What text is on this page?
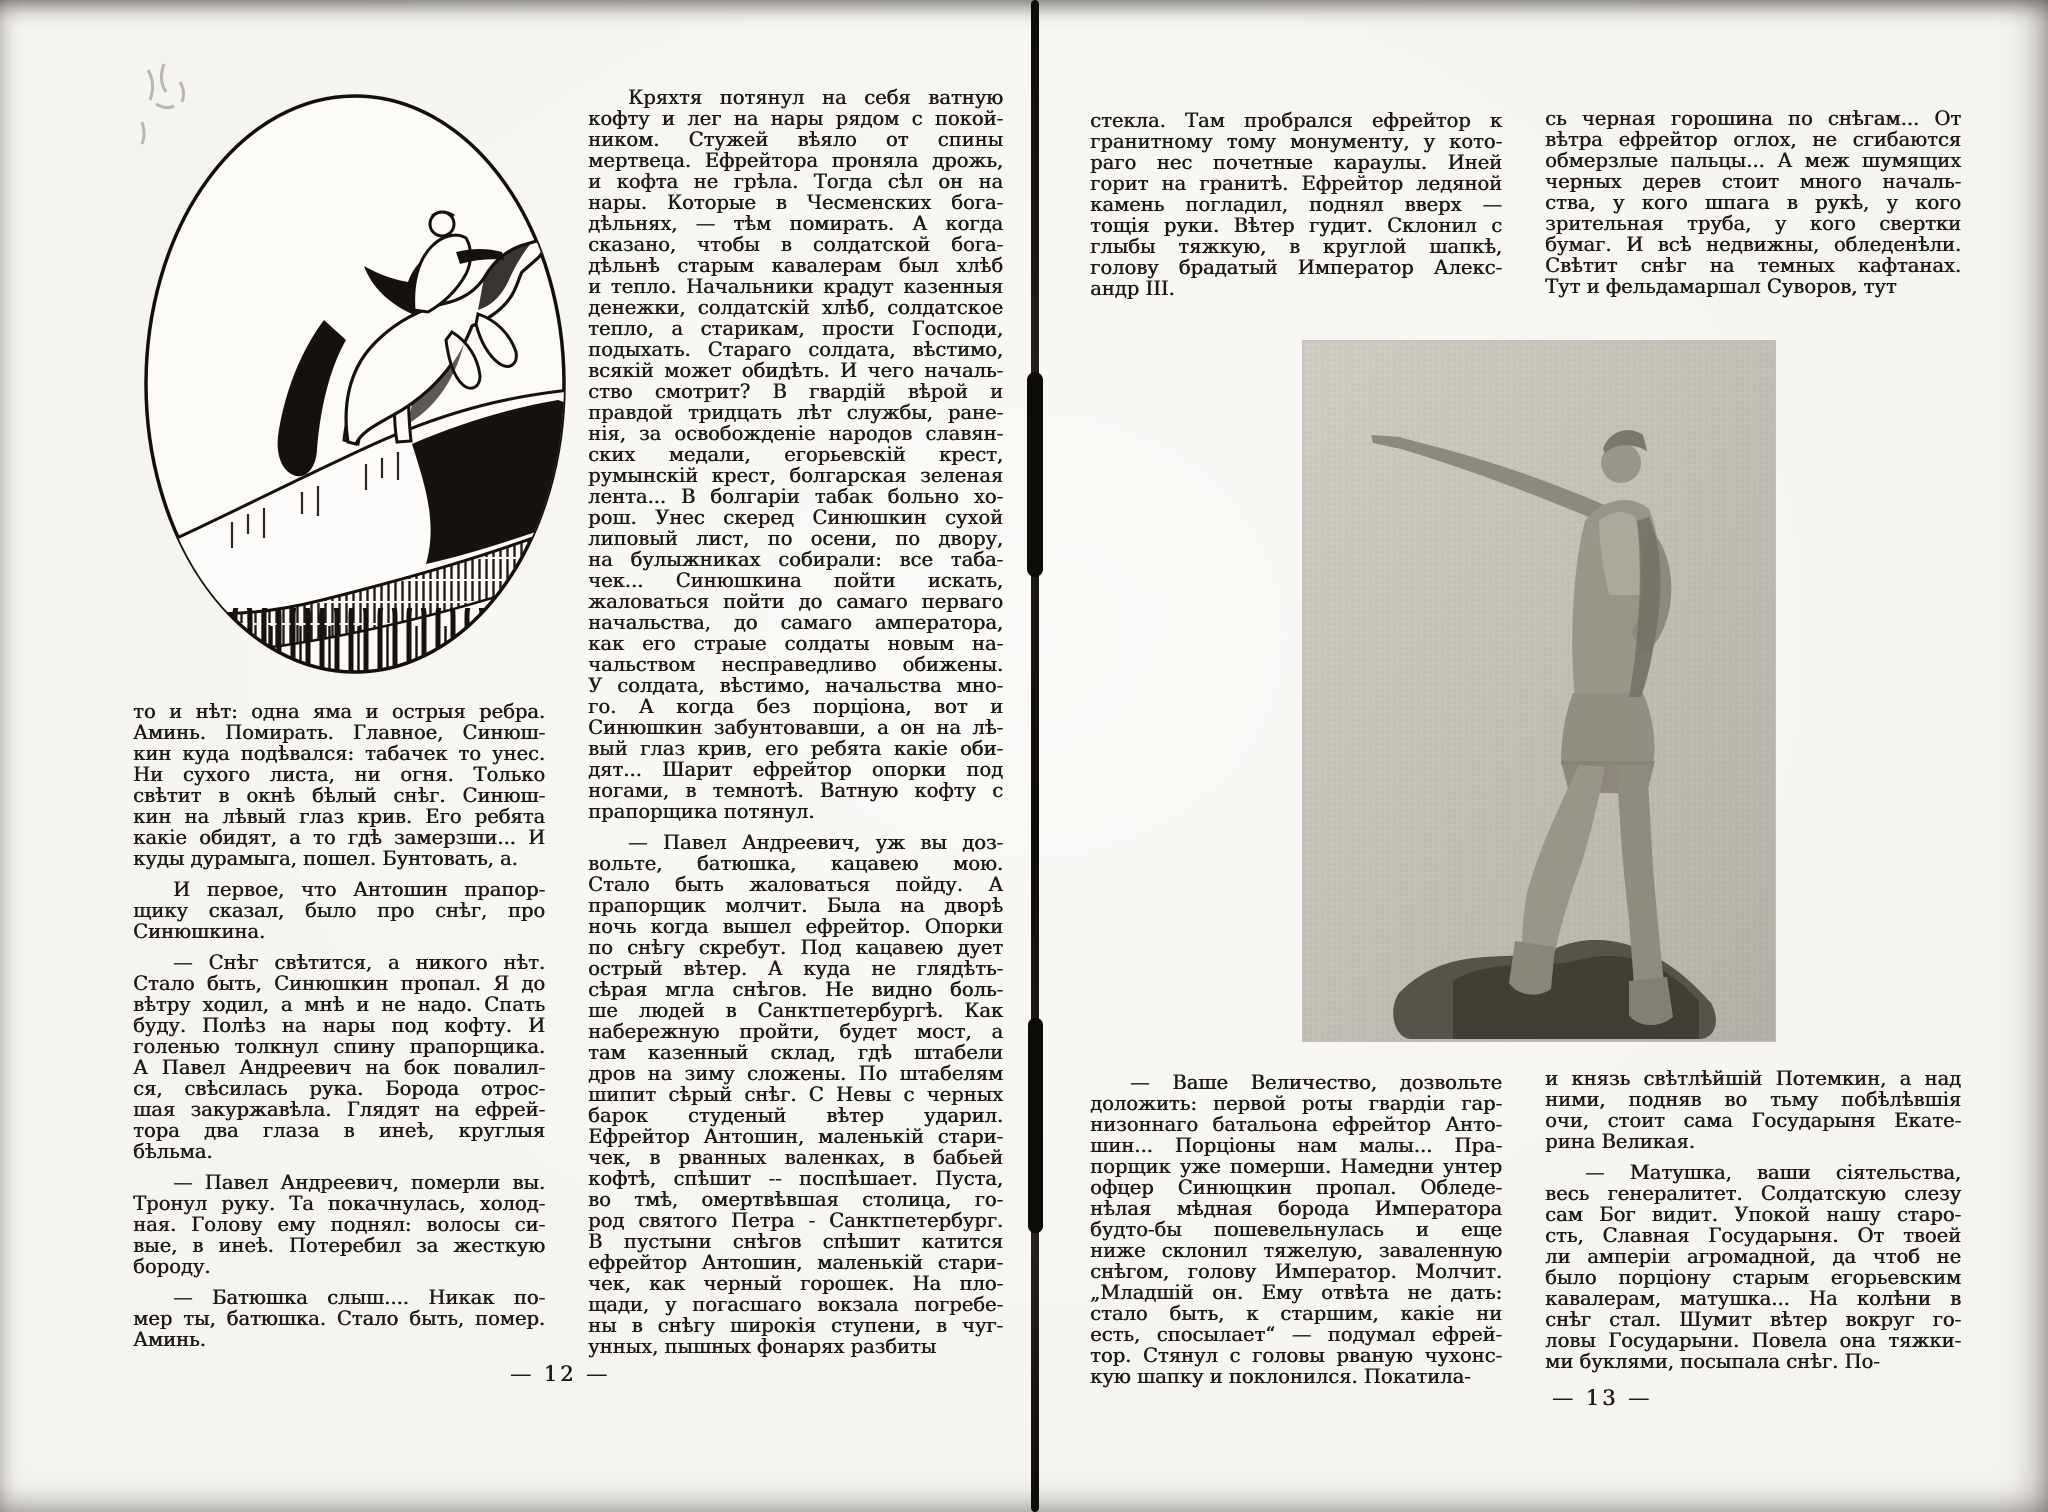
то и нѣт: одна яма и острыя ребра.
Аминь. Помирать. Главное, Синюш-
кин куда подѣвался: табачек то унес.
Ни сухого листа, ни огня. Только
свѣтит в окнѣ бѣлый снѣг. Синюш-
кин на лѣвый глаз крив. Его ребята
какіе обидят, а то гдѣ замерзши... И
куды дурамыга, пошел. Бунтовать, а.
И первое, что Антошин прапор-
щику сказал, было про снѣг, про
Синюшкина.
— Снѣг свѣтится, а никого нѣт.
Стало быть, Синюшкин пропал. Я до
вѣтру ходил, а мнѣ и не надо. Спать
буду. Полѣз на нары под кофту. И
голенью толкнул спину прапорщика.
А Павел Андреевич на бок повалил-
ся, свѣсилась рука. Борода отрос-
шая закуржавѣла. Глядят на ефрей-
тора два глаза в инеѣ, круглыя
бѣльма.
— Павел Андреевич, померли вы.
Тронул руку. Та покачнулась, холод-
ная. Голову ему поднял: волосы си-
вые, в инеѣ. Потеребил за жесткую
бороду.
— Батюшка слыш.... Никак по-
мер ты, батюшка. Стало быть, помер.
Аминь.
Кряхтя потянул на себя ватную
кофту и лег на нары рядом с покой-
ником. Стужей вѣяло от спины
мертвеца. Ефрейтора проняла дрожь,
и кофта не грѣла. Тогда сѣл он на
нары. Которые в Чесменских бога-
дѣльнях, — тѣм помирать. А когда
сказано, чтобы в солдатской бога-
дѣльнѣ старым кавалерам был хлѣб
и тепло. Начальники крадут казенныя
денежки, солдатскій хлѣб, солдатское
тепло, а старикам, прости Господи,
подыхать. Стараго солдата, вѣстимо,
всякій может обидѣть. И чего началь-
ство смотрит? В гвардій вѣрой и
правдой тридцать лѣт службы, ране-
нія, за освобожденіе народов славян-
ских медали, егорьевскій крест,
румынскій крест, болгарская зеленая
лента... В болгаріи табак больно хо-
рош. Унес скеред Синюшкин сухой
липовый лист, по осени, по двору,
на булыжниках собирали: все таба-
чек... Синюшкина пойти искать,
жаловаться пойти до самаго перваго
начальства, до самаго амператора,
как его страые солдаты новым на-
чальством несправедливо обижены.
У солдата, вѣстимо, начальства мно-
го. А когда без порціона, вот и
Синюшкин забунтовавши, а он на лѣ-
вый глаз крив, его ребята какіе оби-
дят... Шарит ефрейтор опорки под
ногами, в темнотѣ. Ватную кофту с
прапорщика потянул.
— Павел Андреевич, уж вы доз-
вольте, батюшка, кацавею мою.
Стало быть жаловаться пойду. А
прапорщик молчит. Была на дворѣ
ночь когда вышел ефрейтор. Опорки
по снѣгу скребут. Под кацавею дует
острый вѣтер. А куда не глядѣть-
сѣрая мгла снѣгов. Не видно боль-
ше людей в Санктпетербургѣ. Как
набережную пройти, будет мост, а
там казенный склад, гдѣ штабели
дров на зиму сложены. По штабелям
шипит сѣрый снѣг. С Невы с черных
барок студеный вѣтер ударил.
Ефрейтор Антошин, маленькій стари-
чек, в рванных валенках, в бабьей
кофтѣ, спѣшит -- поспѣшает. Пуста,
во тмѣ, омертвѣвшая столица, го-
род святого Петра - Санктпетербург.
В пустыни снѣгов спѣшит катится
ефрейтор Антошин, маленькій стари-
чек, как черный горошек. На пло-
щади, у погасшаго вокзала погребе-
ны в снѣгу широкія ступени, в чуг-
унных, пышных фонарях разбиты
— 12 —
стекла. Там пробрался ефрейтор к
гранитному тому монументу, у кото-
раго нес почетные караулы. Иней
горит на гранитѣ. Ефрейтор ледяной
камень погладил, поднял вверх —
тощія руки. Вѣтер гудит. Склонил с
глыбы тяжкую, в круглой шапкѣ,
голову брадатый Император Алекс-
андр III.
сь черная горошина по снѣгам... От
вѣтра ефрейтор оглох, не сгибаются
обмерзлые пальцы... А меж шумящих
черных дерев стоит много началь-
ства, у кого шпага в рукѣ, у кого
зрительная труба, у кого свертки
бумаг. И всѣ недвижны, обледенѣли.
Свѣтит снѣг на темных кафтанах.
Тут и фельдамаршал Суворов, тут
— Ваше Величество, дозвольте
доложить: первой роты гвардіи гар-
низоннаго батальона ефрейтор Анто-
шин... Порціоны нам малы... Пра-
порщик уже померши. Намедни унтер
офцер Синющкин пропал. Обледе-
нѣлая мѣдная борода Императора
будто-бы пошевельнулась и еще
ниже склонил тяжелую, заваленную
снѣгом, голову Император. Молчит.
„Младшій он. Ему отвѣта не дать:
стало быть, к старшим, какіе ни
есть, спосылает“ — подумал ефрей-
тор. Стянул с головы рваную чухонс-
кую шапку и поклонился. Покатила-
и князь свѣтлѣйшій Потемкин, а над
ними, подняв во тьму побѣлѣвшія
очи, стоит сама Государыня Екате-
рина Великая.
— Матушка, ваши сіятельства,
весь генералитет. Солдатскую слезу
сам Бог видит. Упокой нашу старо-
сть, Славная Государыня. От твоей
ли амперіи агромадной, да чтоб не
было порціону старым егорьевским
кавалерам, матушка... На колѣни в
снѣг стал. Шумит вѣтер вокруг го-
ловы Государыни. Повела она тяжки-
ми буклями, посыпала снѣг. По-
— 13 —
